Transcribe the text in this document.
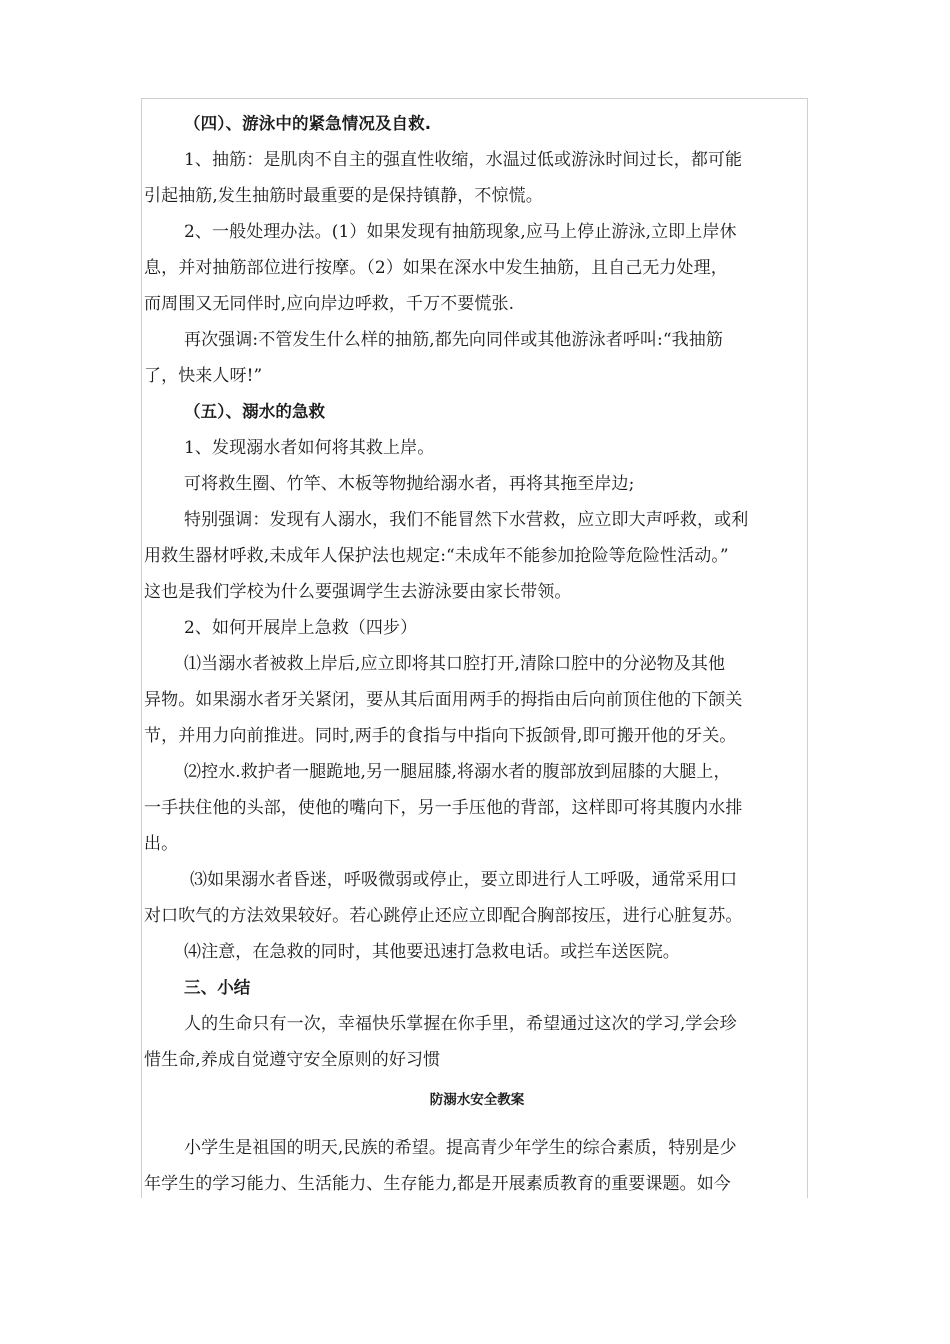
（四）、游泳中的紧急情况及自救.
1、抽筋：是肌肉不自主的强直性收缩，水温过低或游泳时间过长，都可能
引起抽筋,发生抽筋时最重要的是保持镇静，不惊慌。
2、一般处理办法。(1）如果发现有抽筋现象,应马上停止游泳,立即上岸休
息，并对抽筋部位进行按摩。（2）如果在深水中发生抽筋，且自己无力处理，
而周围又无同伴时,应向岸边呼救，千万不要慌张.
再次强调:不管发生什么样的抽筋,都先向同伴或其他游泳者呼叫:“我抽筋
了，快来人呀!”
（五）、溺水的急救
1、发现溺水者如何将其救上岸。
可将救生圈、竹竿、木板等物抛给溺水者，再将其拖至岸边;
特别强调：发现有人溺水，我们不能冒然下水营救，应立即大声呼救，或利
用救生器材呼救,未成年人保护法也规定:“未成年不能参加抢险等危险性活动。”
这也是我们学校为什么要强调学生去游泳要由家长带领。
2、如何开展岸上急救（四步）
⑴当溺水者被救上岸后,应立即将其口腔打开,清除口腔中的分泌物及其他
异物。如果溺水者牙关紧闭，要从其后面用两手的拇指由后向前顶住他的下颌关
节，并用力向前推进。同时,两手的食指与中指向下扳颌骨,即可搬开他的牙关。
⑵控水.救护者一腿跪地,另一腿屈膝,将溺水者的腹部放到屈膝的大腿上，
一手扶住他的头部，使他的嘴向下，另一手压他的背部，这样即可将其腹内水排
出。
⑶如果溺水者昏迷，呼吸微弱或停止，要立即进行人工呼吸，通常采用口
对口吹气的方法效果较好。若心跳停止还应立即配合胸部按压，进行心脏复苏。
⑷注意，在急救的同时，其他要迅速打急救电话。或拦车送医院。
三、小结
人的生命只有一次，幸福快乐掌握在你手里，希望通过这次的学习,学会珍
惜生命,养成自觉遵守安全原则的好习惯
防溺水安全教案
小学生是祖国的明天,民族的希望。提高青少年学生的综合素质，特别是少
年学生的学习能力、生活能力、生存能力,都是开展素质教育的重要课题。如今
